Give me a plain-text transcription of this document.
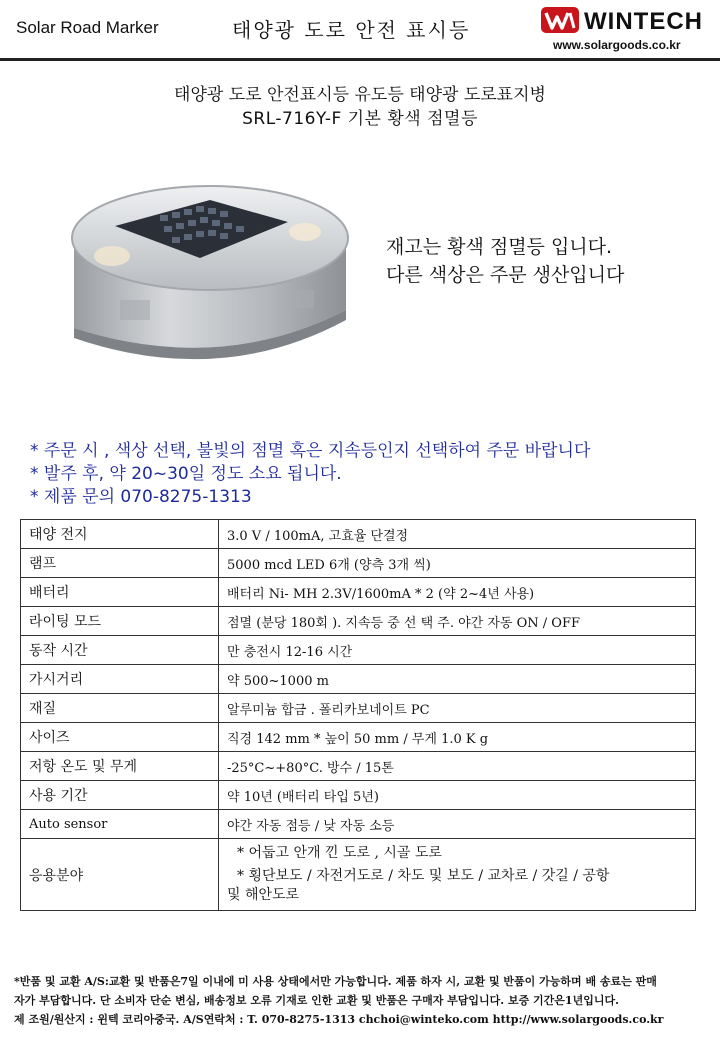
Solar Road Marker	태양광 도로 안전 표시등	WINTECH
www.solargoods.co.kr
태양광 도로 안전표시등 유도등 태양광 도로표지병
SRL-716Y-F 기본 황색 점멸등
재고는 황색 점멸등 입니다.
다른 색상은 주문 생산입니다
* 주문 시 , 색상 선택, 불빛의 점멸 혹은 지속등인지 선택하여 주문 바랍니다
* 발주 후, 약 20~30일 정도 소요 됩니다.
* 제품 문의 070-8275-1313
태양 전지	3.0 V / 100mA, 고효율 단결정
램프	5000 mcd LED 6개 (양측 3개 씩)
배터리	배터리 Ni- MH 2.3V/1600mA * 2 (약 2~4년 사용)
라이팅 모드	점멸 (분당 180회 ). 지속등 중 선 택 주. 야간 자동 ON / OFF
동작 시간	만 충전시 12-16 시간
가시거리	약 500~1000 m
재질	알루미늄 합금 . 폴리카보네이트 PC
사이즈	직경 142 mm * 높이 50 mm / 무게 1.0 K g
저항 온도 및 무게	-25°C~+80°C. 방수 / 15톤
사용 기간	약 10년 (배터리 타입 5년)
Auto sensor	야간 자동 점등 / 낮 자동 소등
응용분야	* 어둡고 안개 낀 도로 , 시골 도로
* 횡단보도 / 자전거도로 / 차도 및 보도 / 교차로 / 갓길 / 공항
및 해안도로
*반품 및 교환 A/S:교환 및 반품은7일 이내에 미 사용 상태에서만 가능합니다. 제품 하자 시, 교환 및 반품이 가능하며 배 송료는 판매
자가 부담합니다. 단 소비자 단순 변심, 배송정보 오류 기재로 인한 교환 및 반품은 구매자 부담입니다. 보증 기간은1년입니다.
제 조원/원산지 : 윈텍 코리아중국. A/S연락처 : T. 070-8275-1313 chchoi@winteko.com http://www.solargoods.co.kr
